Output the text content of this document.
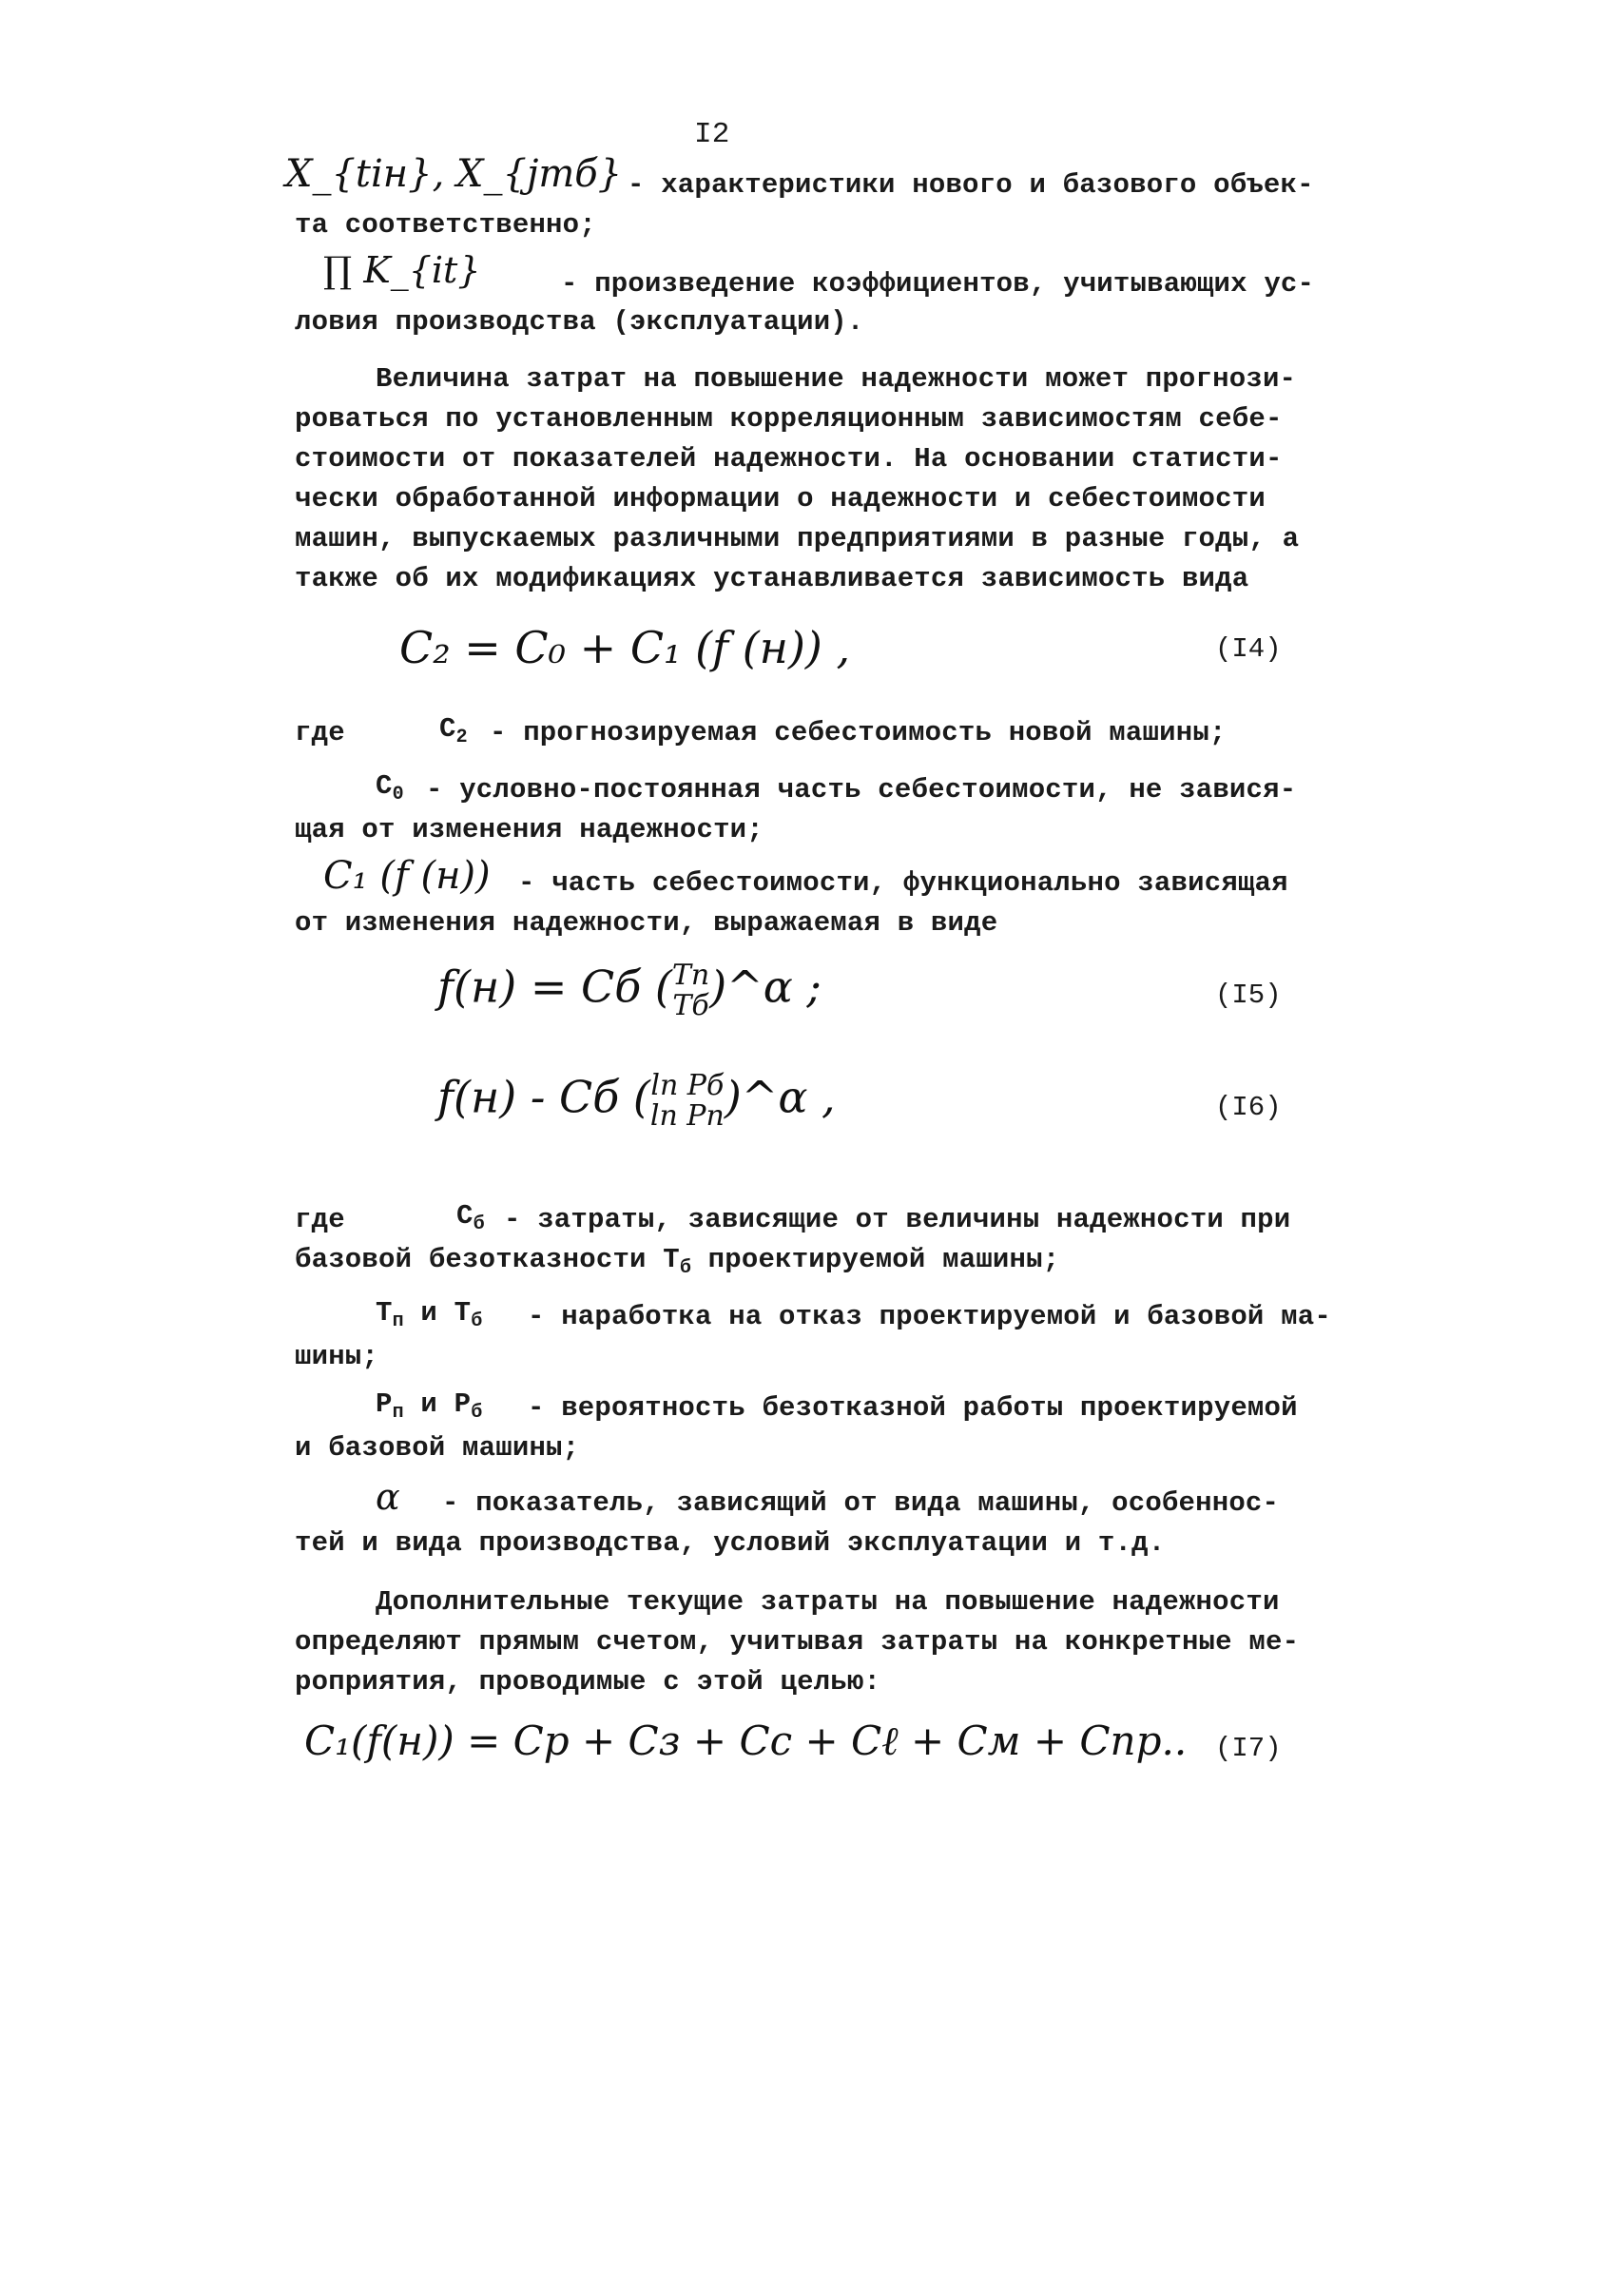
I2
X_{tiн}, X_{jmб} - характеристики нового и базового объек-
та соответственно;
∏ K_{it}	- произведение коэффициентов, учитывающих ус-
ловия производства (эксплуатации).
Величина затрат на повышение надежности может прогнози-
роваться по установленным корреляционным зависимостям себе-
стоимости от показателей надежности. На основании статисти-
чески обработанной информации о надежности и себестоимости
машин, выпускаемых различными предприятиями в разные годы, а
также об их модификациях устанавливается зависимость вида
C₂ = C₀ + C₁ (f (н)) ,	(I4)
где	$C_2$ - прогнозируемая себестоимость новой машины;
$C_0$ - условно-постоянная часть себестоимости, не завися-
щая от изменения надежности;
C₁ (f (н)) - часть себестоимости, функционально зависящая
от изменения надежности, выражаемая в виде
f(н) = Cб ( Tп
Tб )^α ;	(I5)
f(н) - Cб ( ln Pб
ln Pп )^α ,	(I6)
где	$C_б$ - затраты, зависящие от величины надежности при
базовой безотказности $T_б$ проектируемой машины;
$T_п$ и $T_б$ - наработка на отказ проектируемой и базовой ма-
шины;
$P_п$ и $P_б$ - вероятность безотказной работы проектируемой
и базовой машины;
α - показатель, зависящий от вида машины, особеннос-
тей и вида производства, условий эксплуатации и т.д.
Дополнительные текущие затраты на повышение надежности
определяют прямым счетом, учитывая затраты на конкретные ме-
роприятия, проводимые с этой целью:
C₁(f(н)) = Cр + Cз + Cс + Cℓ + Cм + Cпр.. (I7)
